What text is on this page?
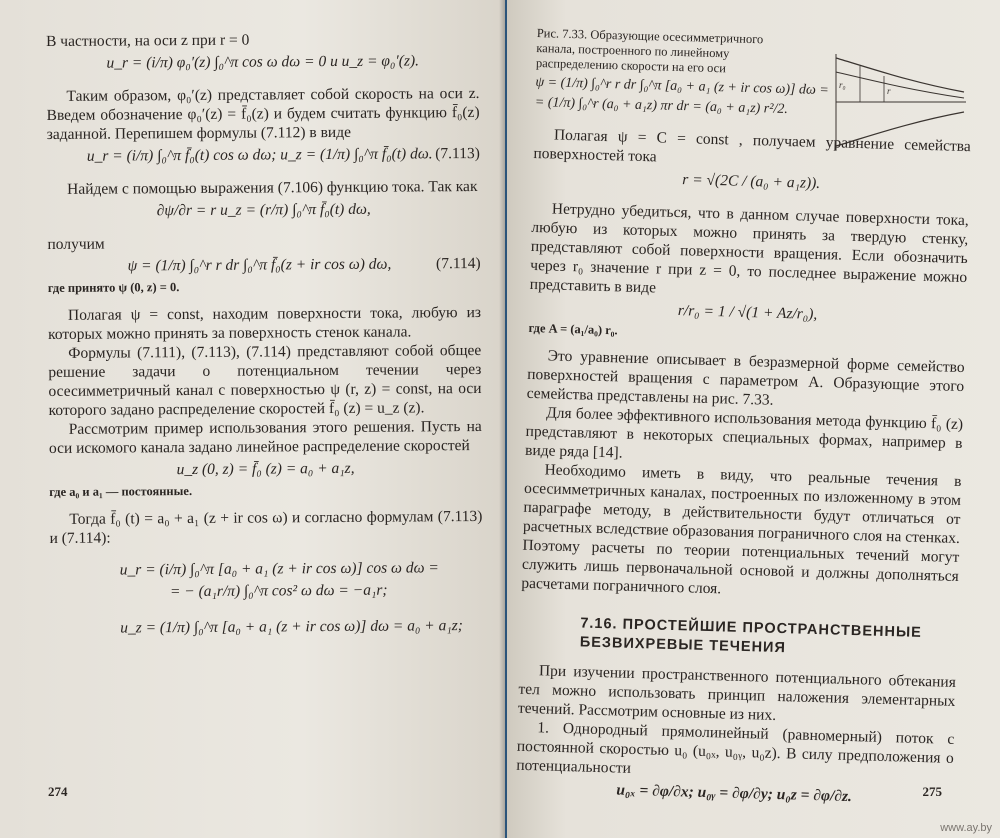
В частности, на оси z при r = 0

u_r = (i/π) φ₀′(z) ∫₀^π cos ω dω = 0 и u_z = φ₀′(z).

Таким образом, φ₀′(z) представляет собой скорость на оси z. Введем обозначение φ₀′(z) = f̄₀(z) и будем считать функцию f̄₀(z) заданной. Перепишем формулы (7.112) в виде

u_r = (i/π) ∫₀^π f̄₀(t) cos ω dω; u_z = (1/π) ∫₀^π f̄₀(t) dω. (7.113)

Найдем с помощью выражения (7.106) функцию тока. Так как

∂ψ/∂r = r u_z = (r/π) ∫₀^π f̄₀(t) dω,

получим

ψ = (1/π) ∫₀^r r dr ∫₀^π f̄₀(z + ir cos ω) dω,	(7.114)

где принято ψ (0, z) = 0.

Полагая ψ = const, находим поверхности тока, любую из которых можно принять за поверхность стенок канала.

Формулы (7.111), (7.113), (7.114) представляют собой общее решение задачи о потенциальном течении через осесимметричный канал с поверхностью ψ (r, z) = const, на оси которого задано распределение скоростей f̄₀ (z) = u_z (z).

Рассмотрим пример использования этого решения. Пусть на оси искомого канала задано линейное распределение скоростей

u_z (0, z) = f̄₀ (z) = a₀ + a₁z,

где a₀ и a₁ — постоянные.

Тогда f̄₀ (t) = a₀ + a₁ (z + ir cos ω) и согласно формулам (7.113) и (7.114):

u_r = (i/π) ∫₀^π [a₀ + a₁ (z + ir cos ω)] cos ω dω =
= − (a₁r/π) ∫₀^π cos² ω dω = −a₁r;
u_z = (1/π) ∫₀^π [a₀ + a₁ (z + ir cos ω)] dω = a₀ + a₁z;
274

Рис. 7.33. Образующие осесимметричного канала, построенного по линейному распределению скорости на его оси

ψ = (1/π) ∫₀^r r dr ∫₀^π [a₀ + a₁ (z + ir cos ω)] dω =
= (1/π) ∫₀^r (a₀ + a₁z) πr dr = (a₀ + a₁z) r²/2.

Полагая ψ = C = const , получаем уравнение семейства поверхностей тока

r = √(2C / (a₀ + a₁z)).

Нетрудно убедиться, что в данном случае поверхности тока, любую из которых можно принять за твердую стенку, представляют собой поверхности вращения. Если обозначить через r₀ значение r при z = 0, то последнее выражение можно представить в виде

r/r₀ = 1 / √(1 + Az/r₀),

где A = (a₁/a₀) r₀.

Это уравнение описывает в безразмерной форме семейство поверхностей вращения с параметром A. Образующие этого семейства представлены на рис. 7.33.

Для более эффективного использования метода функцию f̄₀ (z) представляют в некоторых специальных формах, например в виде ряда [14].

Необходимо иметь в виду, что реальные течения в осесимметричных каналах, построенных по изложенному в этом параграфе методу, в действительности будут отличаться от расчетных вследствие образования пограничного слоя на стенках. Поэтому расчеты по теории потенциальных течений могут служить лишь первоначальной основой и должны дополняться расчетами пограничного слоя.

7.16. ПРОСТЕЙШИЕ ПРОСТРАНСТВЕННЫЕ БЕЗВИХРЕВЫЕ ТЕЧЕНИЯ

При изучении пространственного потенциального обтекания тел можно использовать принцип наложения элементарных течений. Рассмотрим основные из них.

1. Однородный прямолинейный (равномерный) поток с постоянной скоростью u₀ (u₀ₓ, u₀ᵧ, u₀z). В силу предположения о потенциальности

u₀ₓ = ∂φ/∂x; u₀ᵧ = ∂φ/∂y; u₀z = ∂φ/∂z.
r₀
r
275
www.ay.by
